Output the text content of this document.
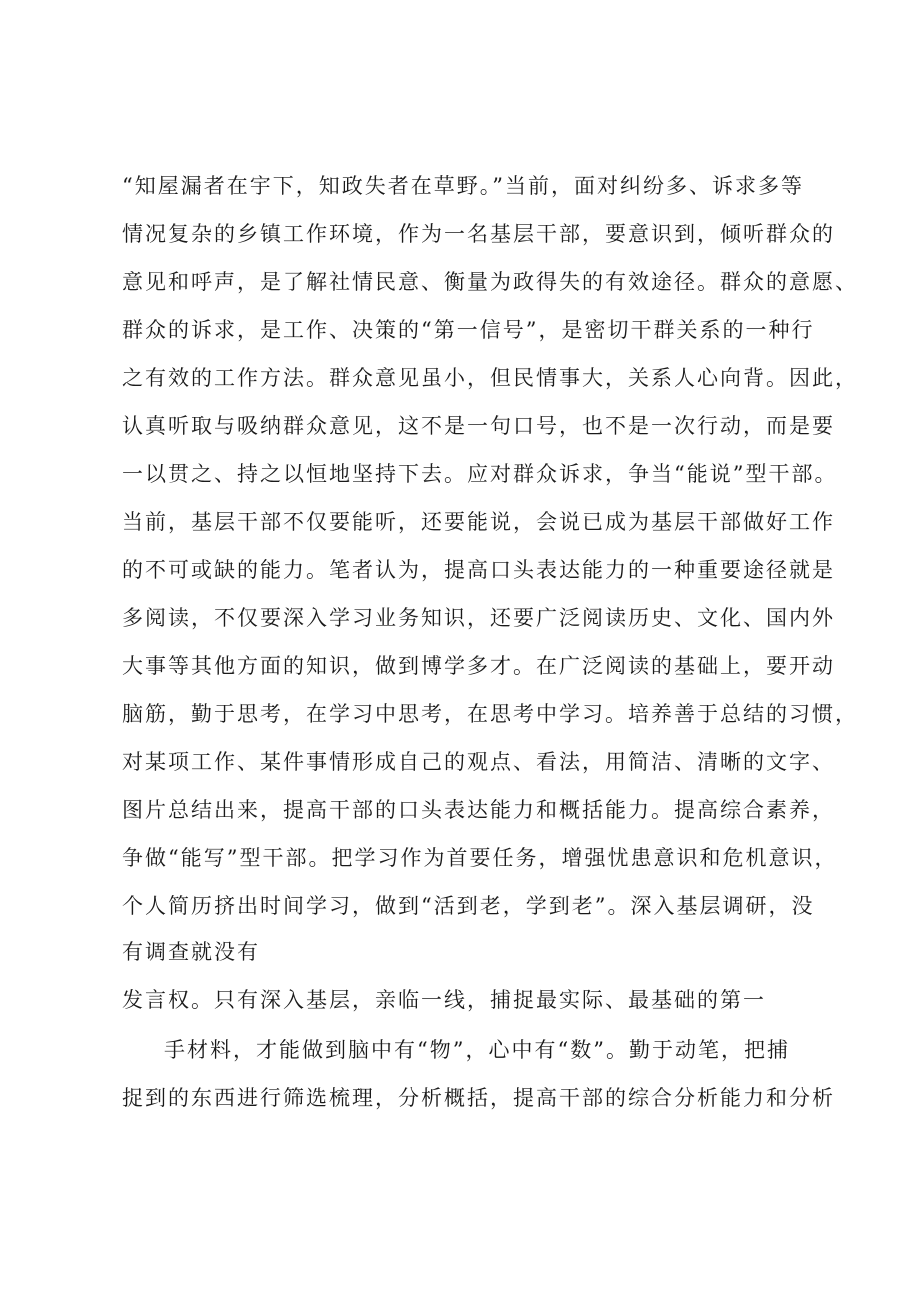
“知屋漏者在宇下，知政失者在草野。”当前，面对纠纷多、诉求多等
情况复杂的乡镇工作环境，作为一名基层干部，要意识到，倾听群众的
意见和呼声，是了解社情民意、衡量为政得失的有效途径。群众的意愿、
群众的诉求，是工作、决策的“第一信号”，是密切干群关系的一种行
之有效的工作方法。群众意见虽小，但民情事大，关系人心向背。因此，
认真听取与吸纳群众意见，这不是一句口号，也不是一次行动，而是要
一以贯之、持之以恒地坚持下去。应对群众诉求，争当“能说”型干部。
当前，基层干部不仅要能听，还要能说，会说已成为基层干部做好工作
的不可或缺的能力。笔者认为，提高口头表达能力的一种重要途径就是
多阅读，不仅要深入学习业务知识，还要广泛阅读历史、文化、国内外
大事等其他方面的知识，做到博学多才。在广泛阅读的基础上，要开动
脑筋，勤于思考，在学习中思考，在思考中学习。培养善于总结的习惯，
对某项工作、某件事情形成自己的观点、看法，用简洁、清晰的文字、
图片总结出来，提高干部的口头表达能力和概括能力。提高综合素养，
争做“能写”型干部。把学习作为首要任务，增强忧患意识和危机意识，
个人简历挤出时间学习，做到“活到老，学到老”。深入基层调研，没
有调查就没有
发言权。只有深入基层，亲临一线，捕捉最实际、最基础的第一
手材料，才能做到脑中有“物”，心中有“数”。勤于动笔，把捕
捉到的东西进行筛选梳理，分析概括，提高干部的综合分析能力和分析
